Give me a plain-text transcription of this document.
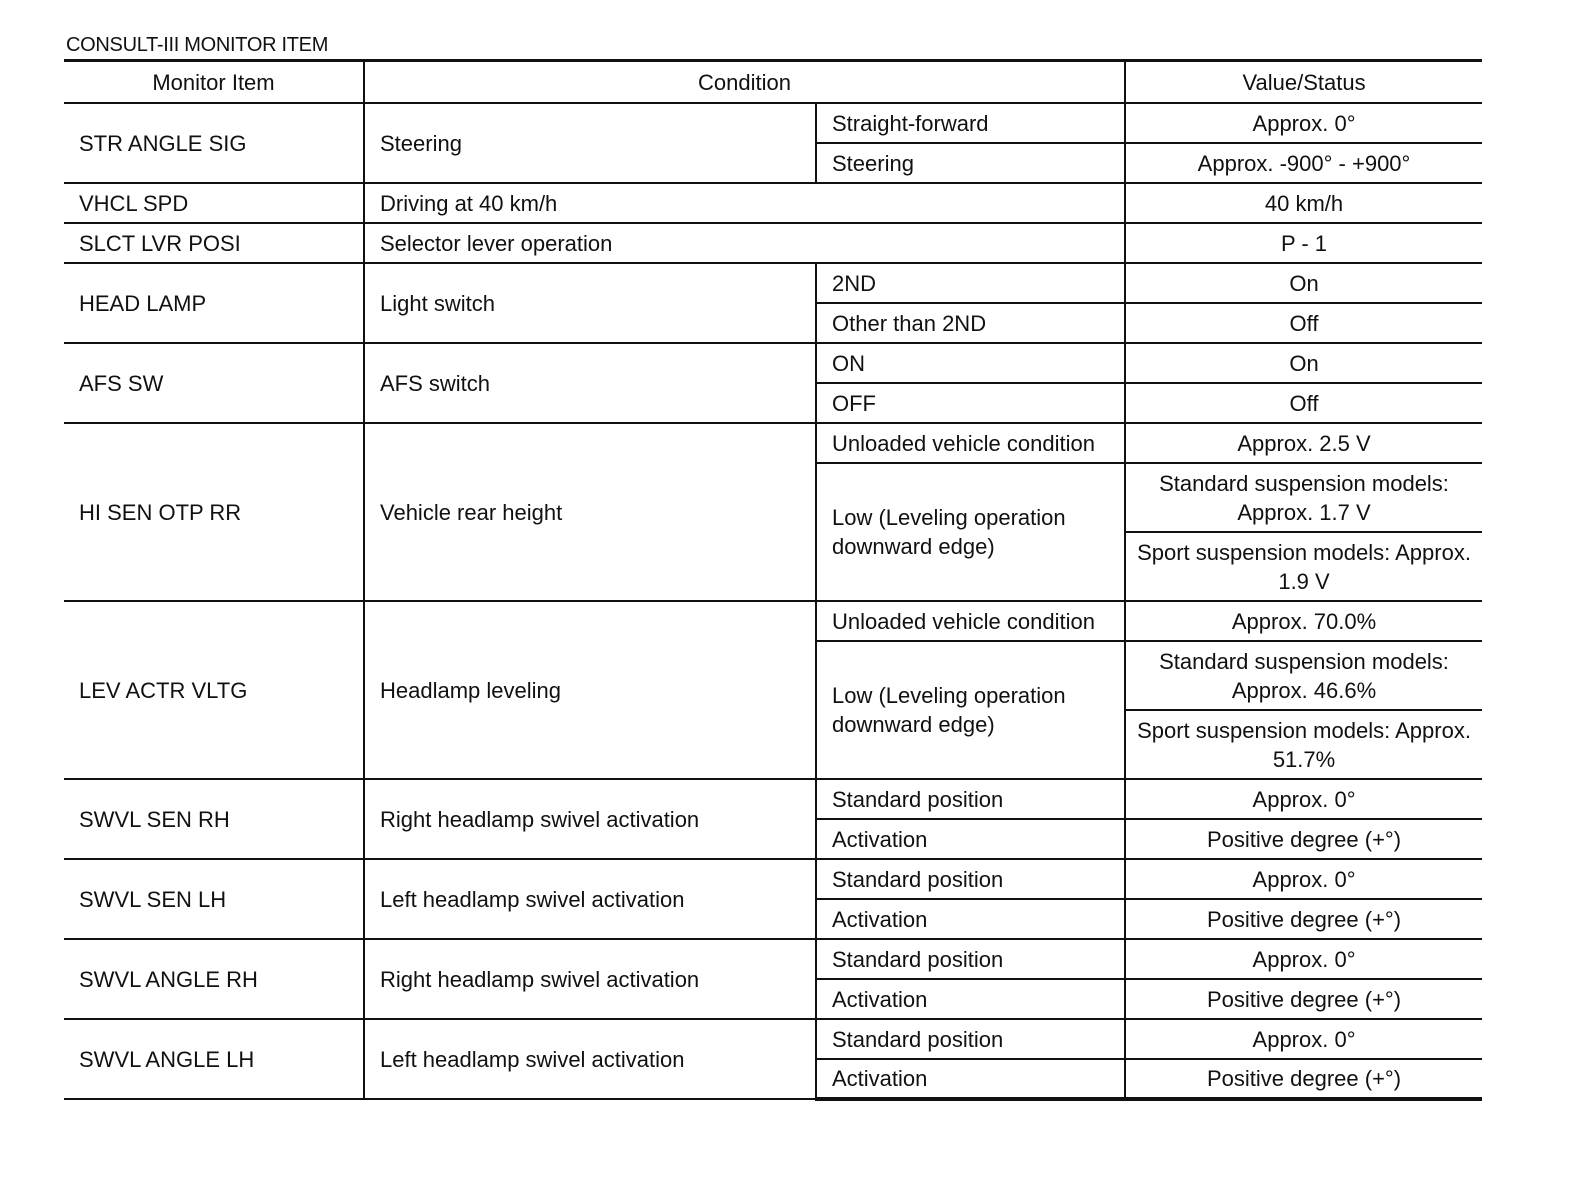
CONSULT-III MONITOR ITEM
Monitor Item	Condition		Value/Status
STR ANGLE SIG	Steering	Straight-forward	Approx. 0°
		Steering	Approx. -900° - +900°
VHCL SPD	Driving at 40 km/h		40 km/h
SLCT LVR POSI	Selector lever operation		P - 1
HEAD LAMP	Light switch	2ND	On
		Other than 2ND	Off
AFS SW	AFS switch	ON	On
		OFF	Off
HI SEN OTP RR	Vehicle rear height	Unloaded vehicle condition	Approx. 2.5 V
		Low (Leveling operation downward edge)	Standard suspension models: Approx. 1.7 V
			Sport suspension models: Approx. 1.9 V
LEV ACTR VLTG	Headlamp leveling	Unloaded vehicle condition	Approx. 70.0%
		Low (Leveling operation downward edge)	Standard suspension models: Approx. 46.6%
			Sport suspension models: Approx. 51.7%
SWVL SEN RH	Right headlamp swivel activation	Standard position	Approx. 0°
		Activation	Positive degree (+°)
SWVL SEN LH	Left headlamp swivel activation	Standard position	Approx. 0°
		Activation	Positive degree (+°)
SWVL ANGLE RH	Right headlamp swivel activation	Standard position	Approx. 0°
		Activation	Positive degree (+°)
SWVL ANGLE LH	Left headlamp swivel activation	Standard position	Approx. 0°
		Activation	Positive degree (+°)
